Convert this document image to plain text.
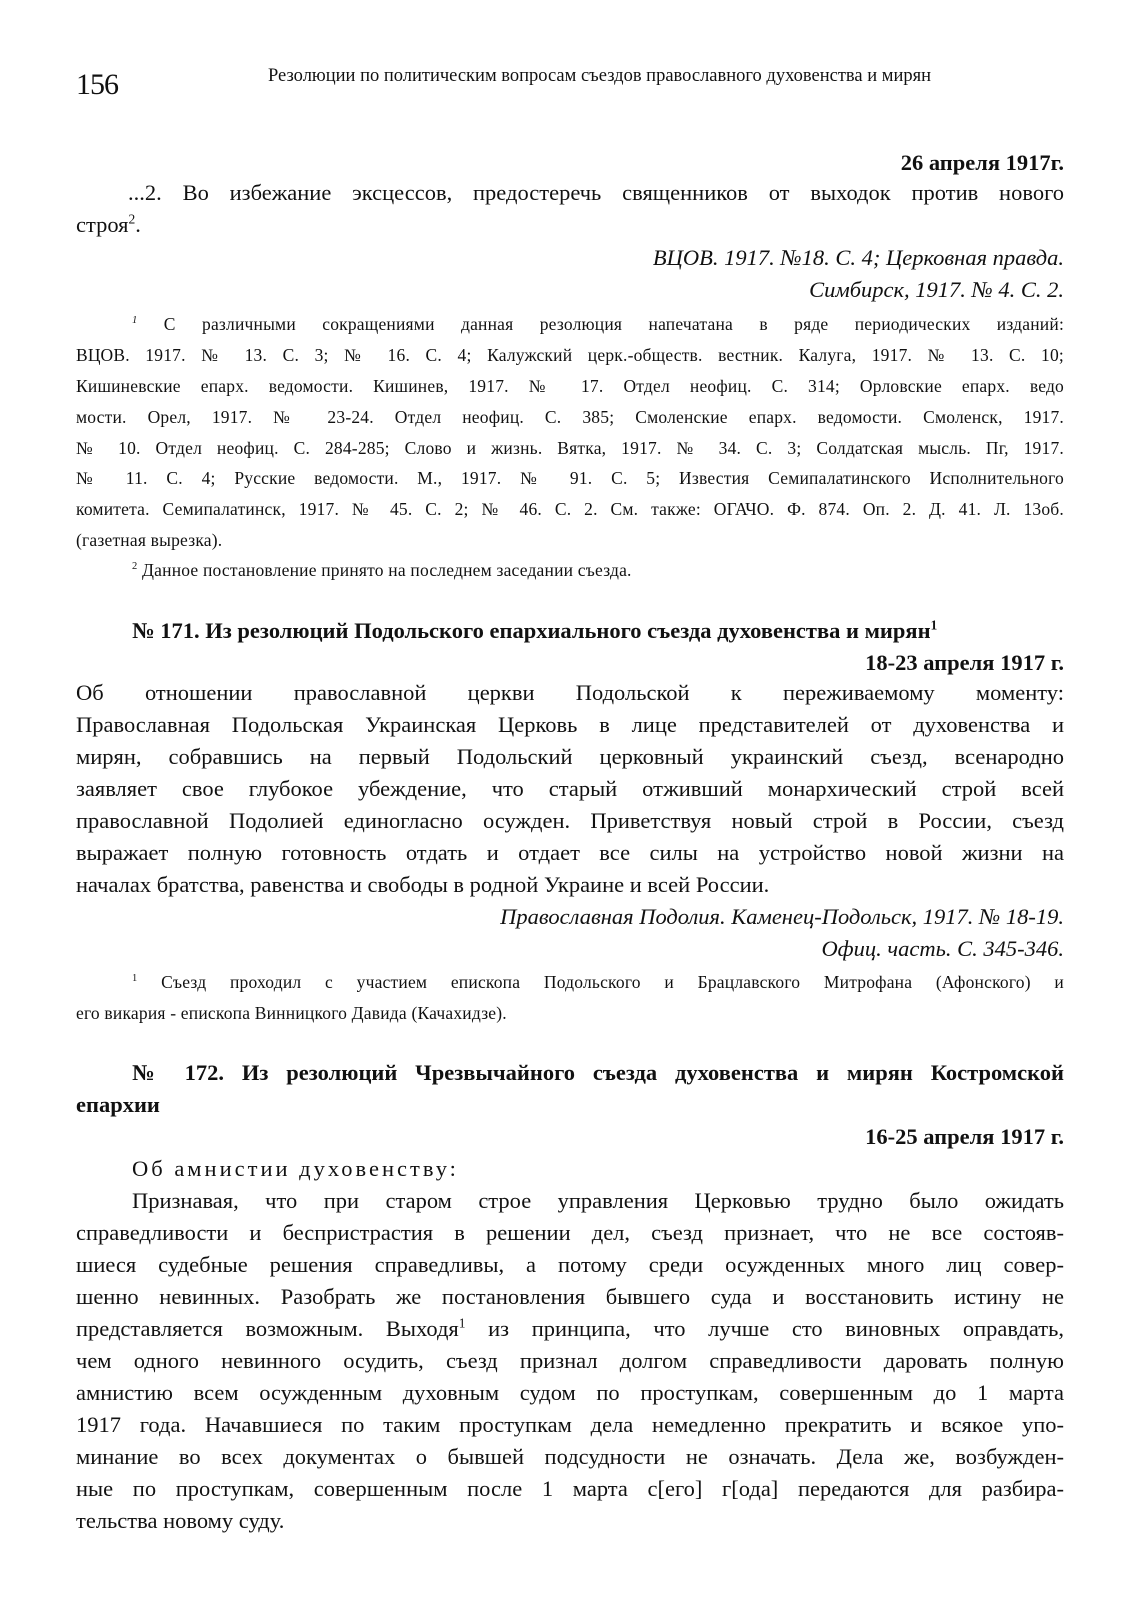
156	Резолюции по политическим вопросам съездов православного духовенства и мирян
26 апреля 1917г.
...2. Во избежание эксцессов, предостеречь священников от выходок против нового
строя$^2$.
ВЦОВ. 1917. №18. С. 4; Церковная правда.
Симбирск, 1917. № 4. С. 2.
$^1$ С различными сокращениями данная резолюция напечатана в ряде периодических изданий:
ВЦОВ. 1917. № 13. С. 3; № 16. С. 4; Калужский церк.-обществ. вестник. Калуга, 1917. № 13. С. 10;
Кишиневские епарх. ведомости. Кишинев, 1917. № 17. Отдел неофиц. С. 314; Орловские епарх. ведо
мости. Орел, 1917. № 23-24. Отдел неофиц. С. 385; Смоленские епарх. ведомости. Смоленск, 1917.
№ 10. Отдел неофиц. С. 284-285; Слово и жизнь. Вятка, 1917. № 34. С. 3; Солдатская мысль. Пг, 1917.
№ 11. С. 4; Русские ведомости. М., 1917. № 91. С. 5; Известия Семипалатинского Исполнительного
комитета. Семипалатинск, 1917. № 45. С. 2; № 46. С. 2. См. также: ОГАЧО. Ф. 874. Оп. 2. Д. 41. Л. 13об.
(газетная вырезка).
$^2$ Данное постановление принято на последнем заседании съезда.
№ 171. Из резолюций Подольского епархиального съезда духовенства и мирян$^1$
18-23 апреля 1917 г.
Об отношении православной церкви Подольской к переживаемому моменту:
Православная Подольская Украинская Церковь в лице представителей от духовенства и
мирян, собравшись на первый Подольский церковный украинский съезд, всенародно
заявляет свое глубокое убеждение, что старый отживший монархический строй всей
православной Подолией единогласно осужден. Приветствуя новый строй в России, съезд
выражает полную готовность отдать и отдает все силы на устройство новой жизни на
началах братства, равенства и свободы в родной Украине и всей России.
Православная Подолия. Каменец-Подольск, 1917. № 18-19.
Офиц. часть. С. 345-346.
$^1$ Съезд проходил с участием епископа Подольского и Брацлавского Митрофана (Афонского) и
его викария - епископа Винницкого Давида (Качахидзе).
№ 172. Из резолюций Чрезвычайного съезда духовенства и мирян Костромской
епархии
16-25 апреля 1917 г.
Об амнистии духовенству:
Признавая, что при старом строе управления Церковью трудно было ожидать
справедливости и беспристрастия в решении дел, съезд признает, что не все состояв-
шиеся судебные решения справедливы, а потому среди осужденных много лиц совер-
шенно невинных. Разобрать же постановления бывшего суда и восстановить истину не
представляется возможным. Выходя$^1$ из принципа, что лучше сто виновных оправдать,
чем одного невинного осудить, съезд признал долгом справедливости даровать полную
амнистию всем осужденным духовным судом по проступкам, совершенным до 1 марта
1917 года. Начавшиеся по таким проступкам дела немедленно прекратить и всякое упо-
минание во всех документах о бывшей подсудности не означать. Дела же, возбужден-
ные по проступкам, совершенным после 1 марта с[его] г[ода] передаются для разбира-
тельства новому суду.
